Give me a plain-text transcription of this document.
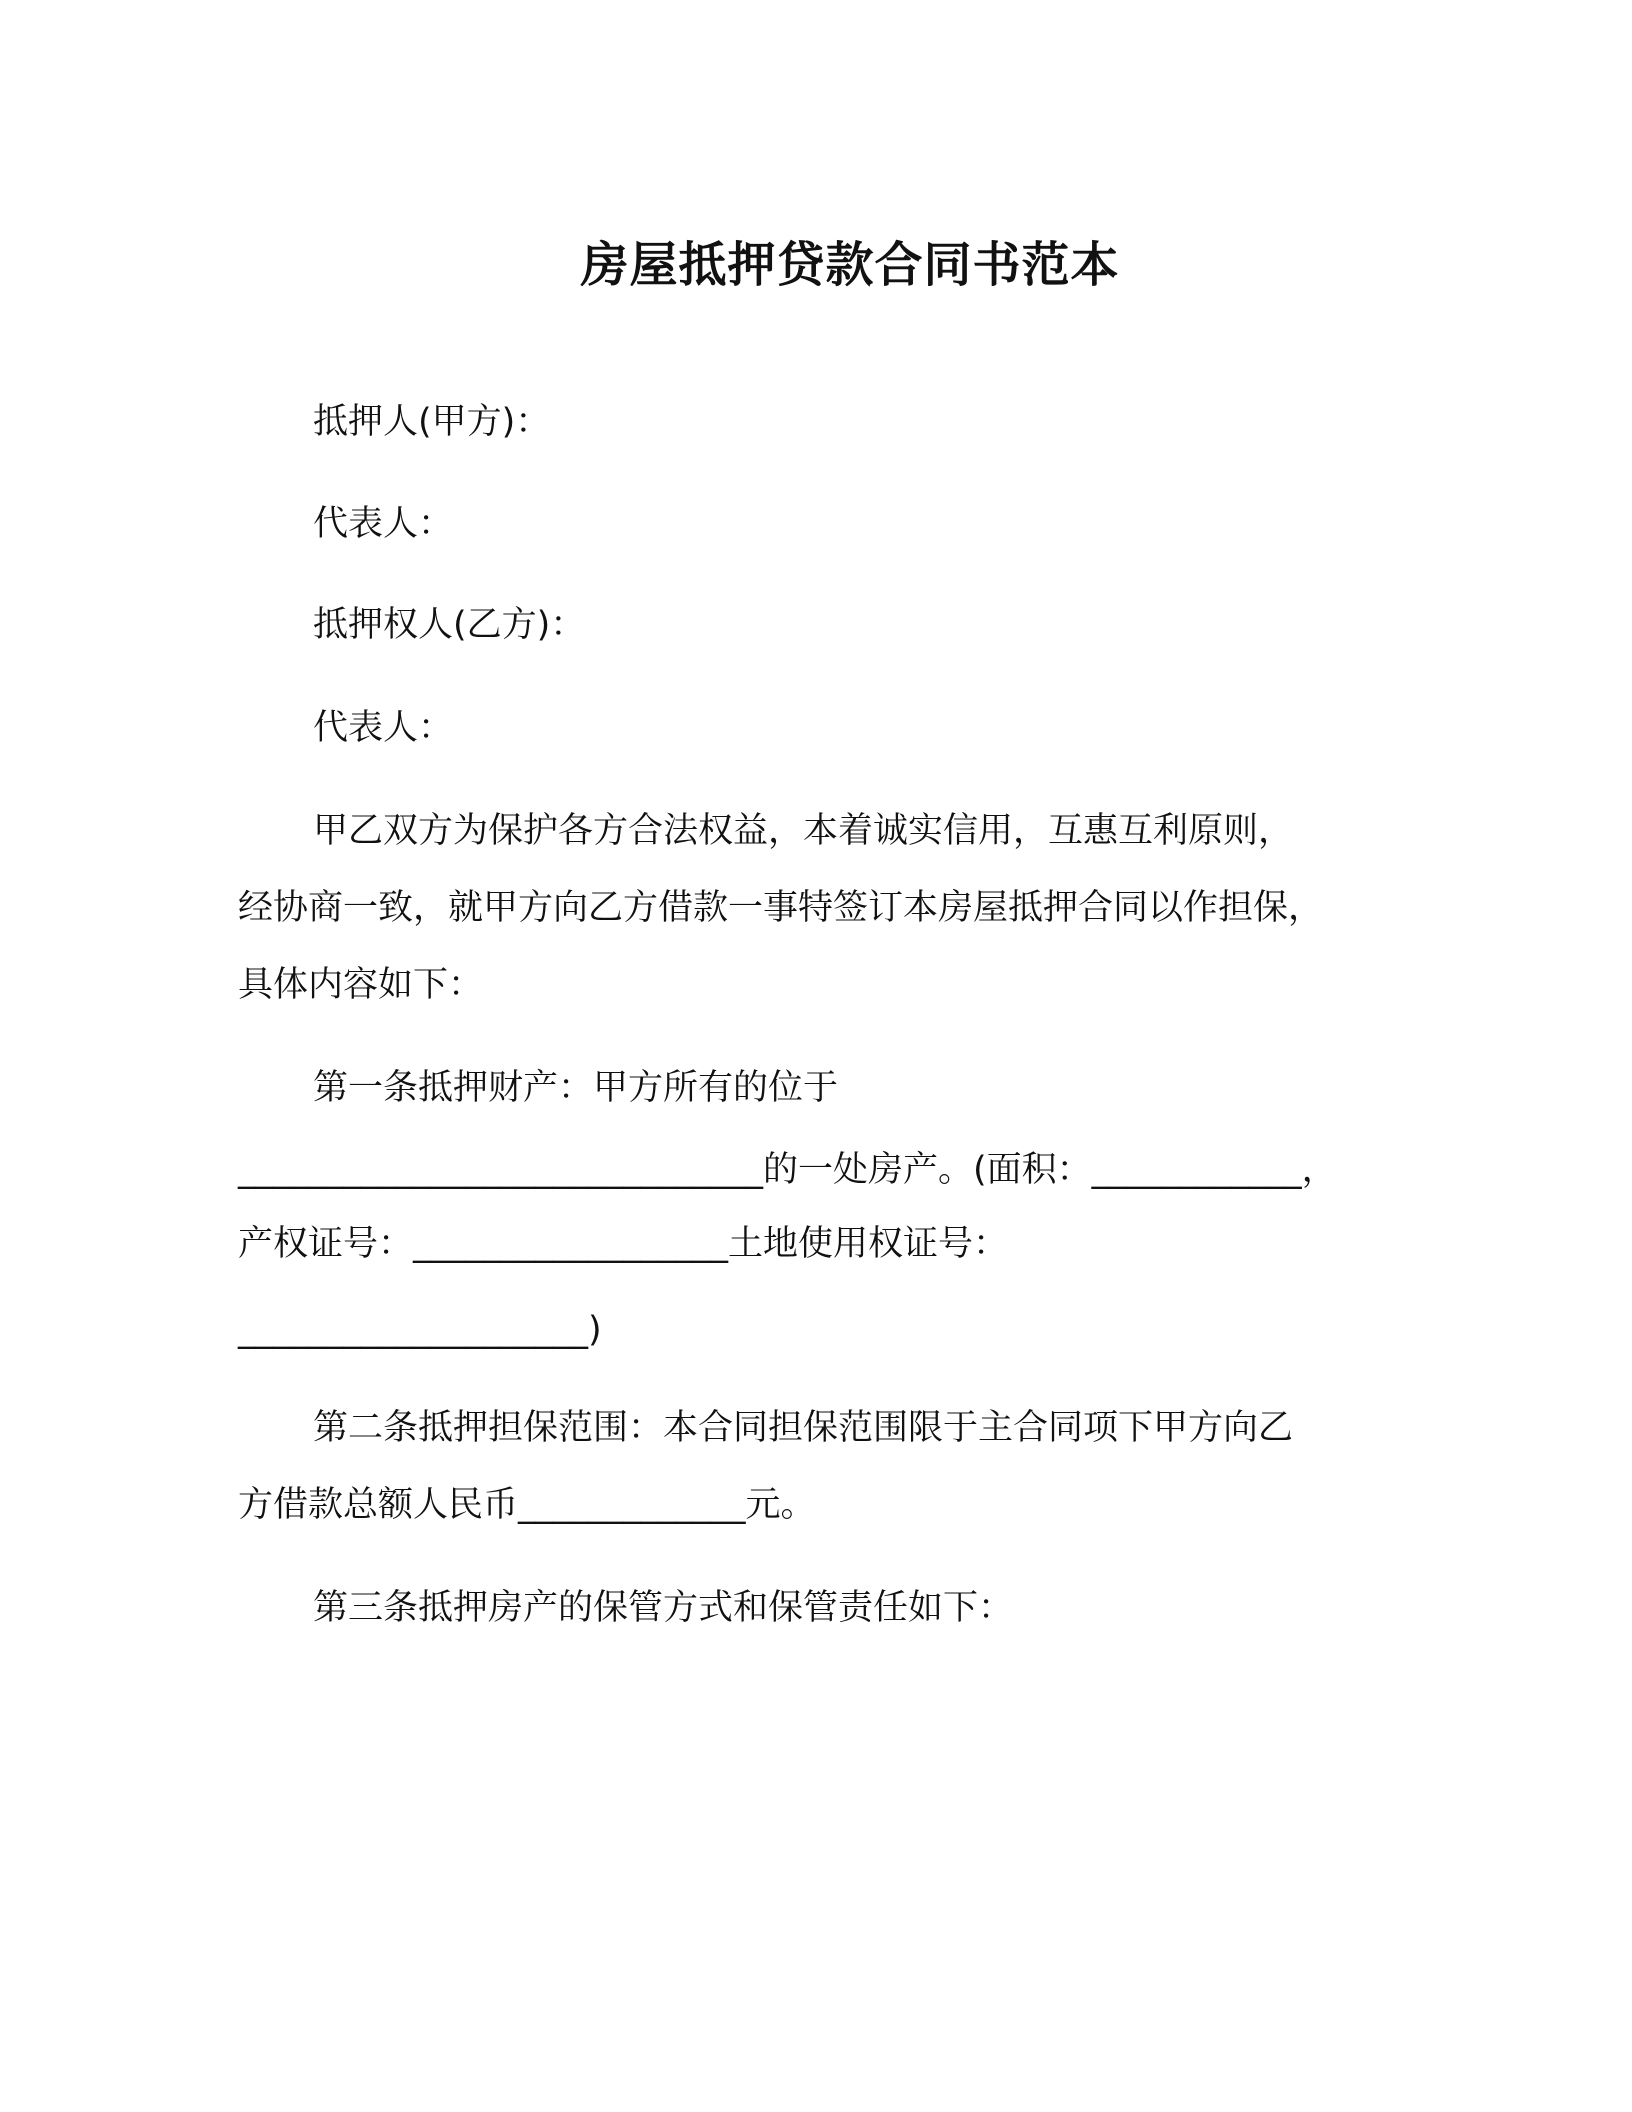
房屋抵押贷款合同书范本
抵押人(甲方)：
代表人：
抵押权人(乙方)：
代表人：
甲乙双方为保护各方合法权益，本着诚实信用，互惠互利原则，
经协商一致，就甲方向乙方借款一事特签订本房屋抵押合同以作担保，
具体内容如下：
第一条抵押财产：甲方所有的位于
______________________________的一处房产。(面积：____________，
产权证号：__________________土地使用权证号：
____________________)
第二条抵押担保范围：本合同担保范围限于主合同项下甲方向乙
方借款总额人民币_____________元。
第三条抵押房产的保管方式和保管责任如下：
